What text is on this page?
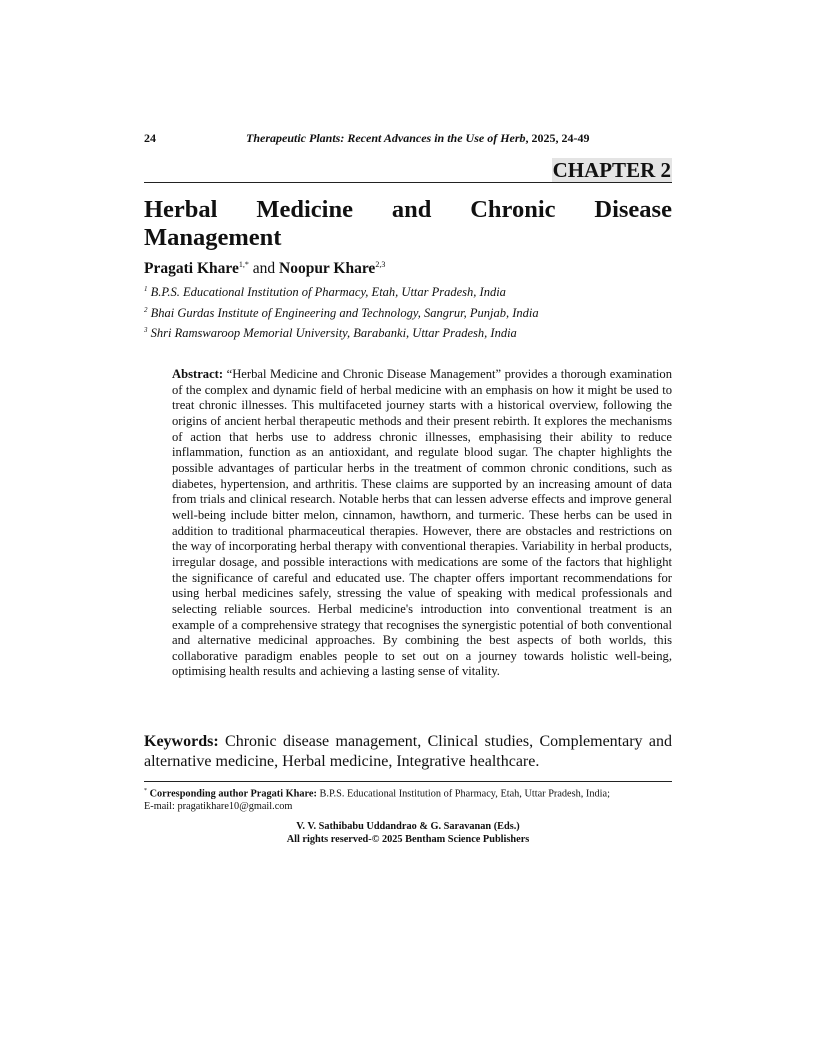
24	Therapeutic Plants: Recent Advances in the Use of Herb, 2025, 24-49
CHAPTER 2
Herbal Medicine and Chronic Disease
Management
Pragati Khare$^{1,*}$ and Noopur Khare$^{2,3}$
$^1$ B.P.S. Educational Institution of Pharmacy, Etah, Uttar Pradesh, India
$^2$ Bhai Gurdas Institute of Engineering and Technology, Sangrur, Punjab, India
$^3$ Shri Ramswaroop Memorial University, Barabanki, Uttar Pradesh, India
Abstract: “Herbal Medicine and Chronic Disease Management” provides a thorough examination of the complex and dynamic field of herbal medicine with an emphasis on how it might be used to treat chronic illnesses. This multifaceted journey starts with a historical overview, following the origins of ancient herbal therapeutic methods and their present rebirth. It explores the mechanisms of action that herbs use to address chronic illnesses, emphasising their ability to reduce inflammation, function as an antioxidant, and regulate blood sugar. The chapter highlights the possible advantages of particular herbs in the treatment of common chronic conditions, such as diabetes, hypertension, and arthritis. These claims are supported by an increasing amount of data from trials and clinical research. Notable herbs that can lessen adverse effects and improve general well-being include bitter melon, cinnamon, hawthorn, and turmeric. These herbs can be used in addition to traditional pharmaceutical therapies. However, there are obstacles and restrictions on the way of incorporating herbal therapy with conventional therapies. Variability in herbal products, irregular dosage, and possible interactions with medications are some of the factors that highlight the significance of careful and educated use. The chapter offers important recommendations for using herbal medicines safely, stressing the value of speaking with medical professionals and selecting reliable sources. Herbal medicine's introduction into conventional treatment is an example of a comprehensive strategy that recognises the synergistic potential of both conventional and alternative medicinal approaches. By combining the best aspects of both worlds, this collaborative paradigm enables people to set out on a journey towards holistic well-being, optimising health results and achieving a lasting sense of vitality.
Keywords: Chronic disease management, Clinical studies, Complementary and alternative medicine, Herbal medicine, Integrative healthcare.
* Corresponding author Pragati Khare: B.P.S. Educational Institution of Pharmacy, Etah, Uttar Pradesh, India;
E-mail: pragatikhare10@gmail.com
V. V. Sathibabu Uddandrao & G. Saravanan (Eds.)
All rights reserved-© 2025 Bentham Science Publishers
